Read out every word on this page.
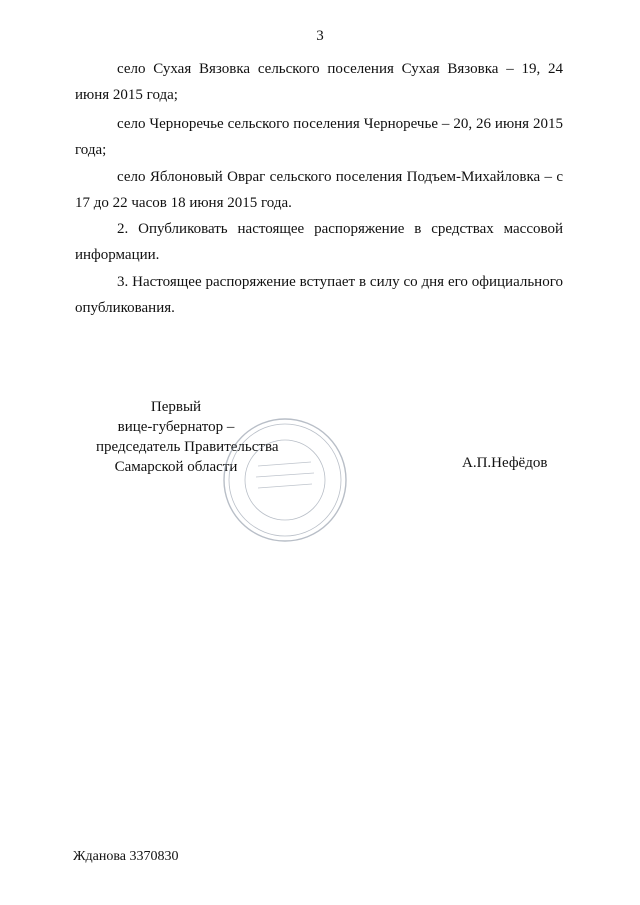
3
село Сухая Вязовка сельского поселения Сухая Вязовка – 19, 24 июня 2015 года;
село Черноречье сельского поселения Черноречье – 20, 26 июня 2015 года;
село Яблоновый Овраг сельского поселения Подъем-Михайловка – с 17 до 22 часов 18 июня 2015 года.
2. Опубликовать настоящее распоряжение в средствах массовой информации.
3. Настоящее распоряжение вступает в силу со дня его официального опубликования.
Первый
вице-губернатор –
председатель Правительства
Самарской области	А.П.Нефёдов
Жданова 3370830
